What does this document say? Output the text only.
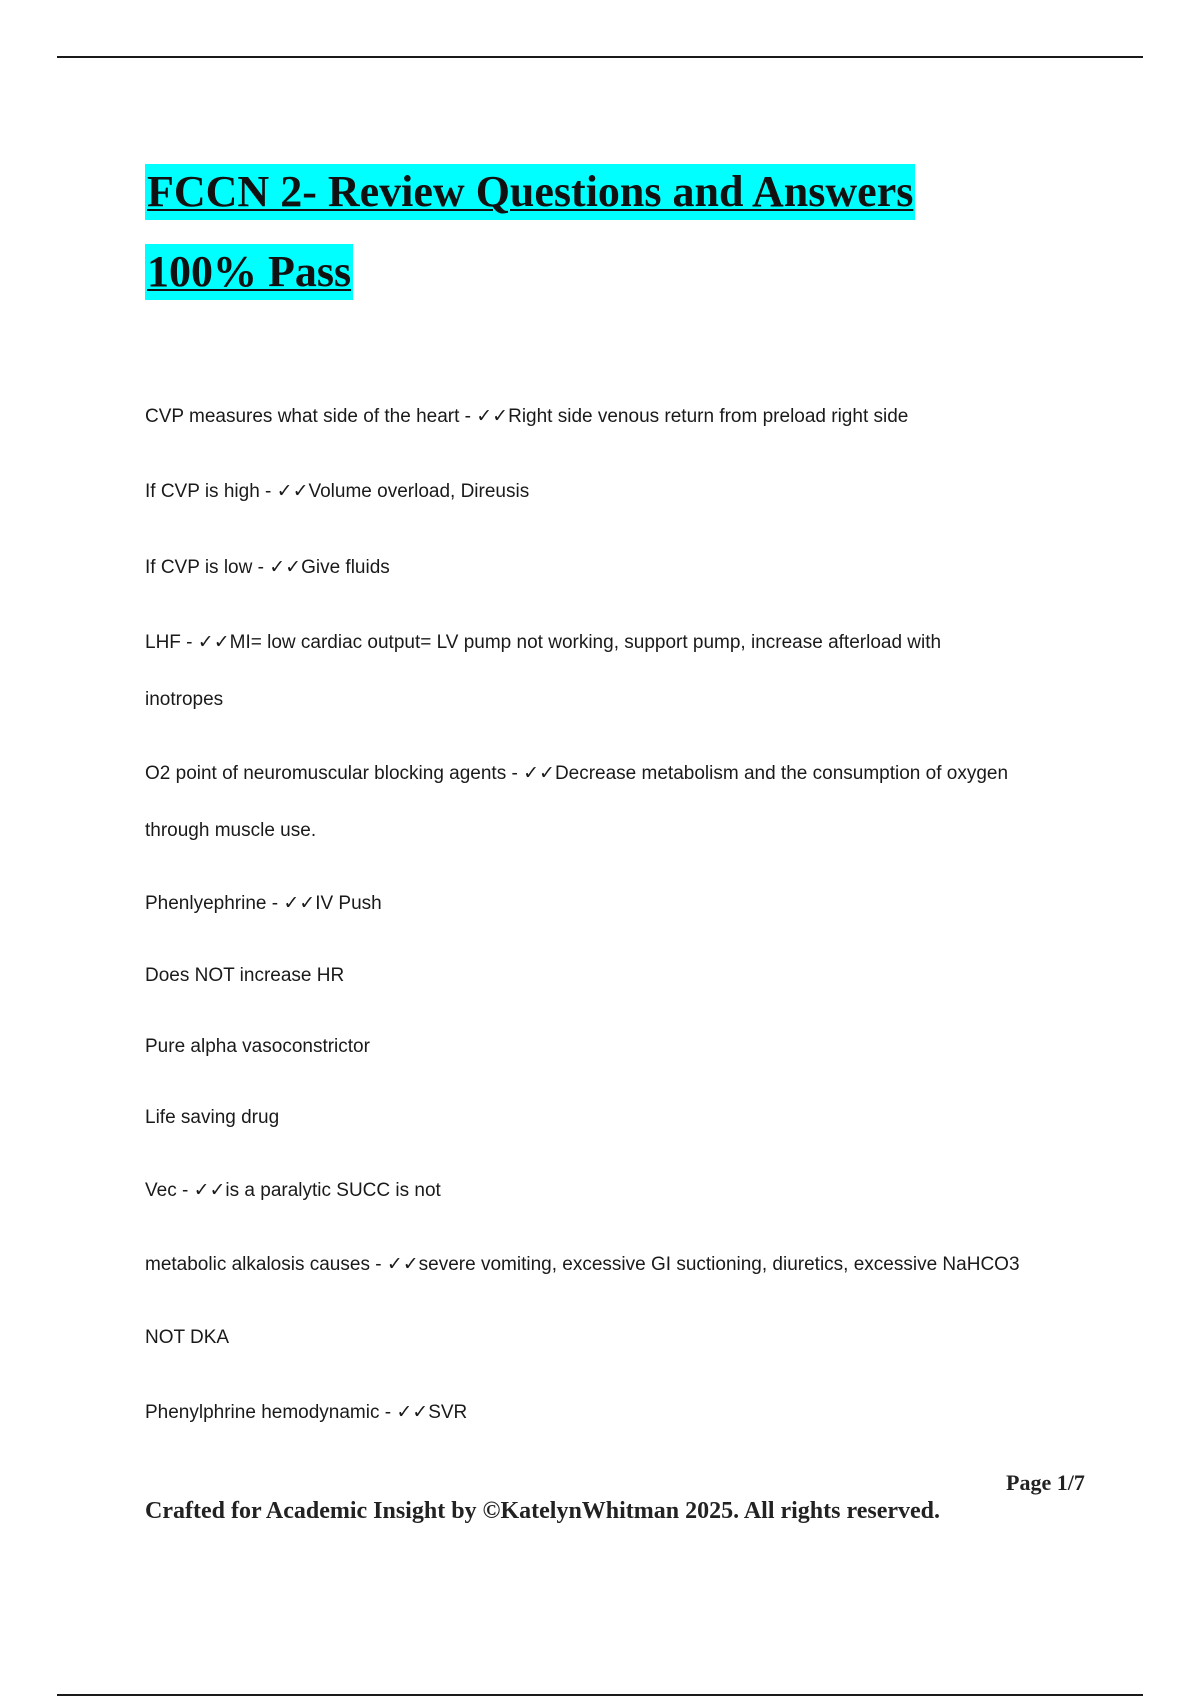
FCCN 2- Review Questions and Answers
100% Pass
CVP measures what side of the heart - ✓✓Right side venous return from preload right side
If CVP is high - ✓✓Volume overload, Direusis
If CVP is low - ✓✓Give fluids
LHF - ✓✓MI= low cardiac output= LV pump not working, support pump, increase afterload with
inotropes
O2 point of neuromuscular blocking agents - ✓✓Decrease metabolism and the consumption of oxygen
through muscle use.
Phenlyephrine - ✓✓IV Push
Does NOT increase HR
Pure alpha vasoconstrictor
Life saving drug
Vec - ✓✓is a paralytic SUCC is not
metabolic alkalosis causes - ✓✓severe vomiting, excessive GI suctioning, diuretics, excessive NaHCO3
NOT DKA
Phenylphrine hemodynamic - ✓✓SVR
Page 1/7
Crafted for Academic Insight by ©KatelynWhitman 2025. All rights reserved.
